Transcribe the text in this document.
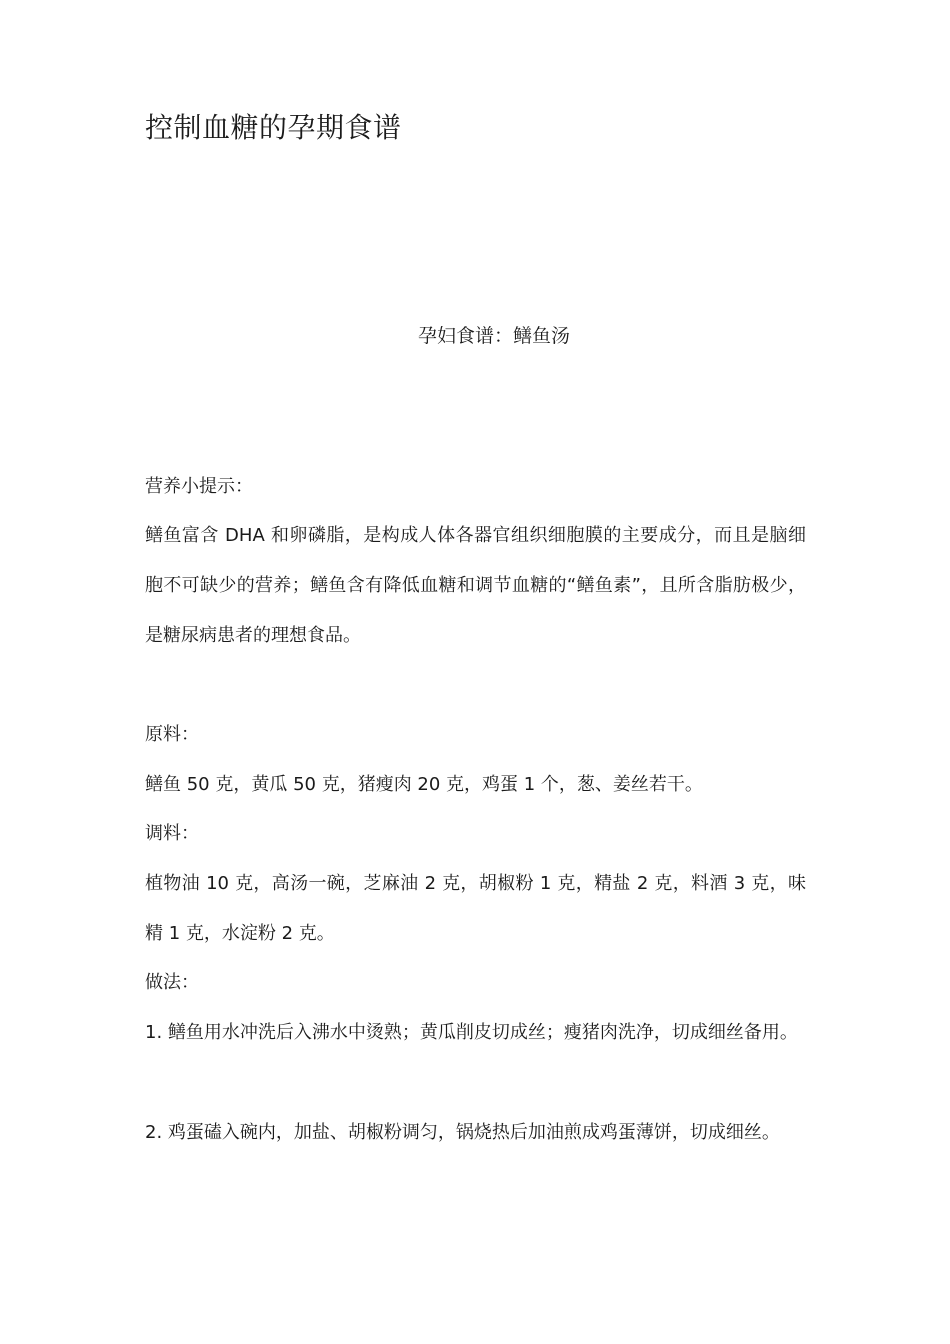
控制血糖的孕期食谱

孕妇食谱：鳝鱼汤

营养小提示：

鳝鱼富含 DHA 和卵磷脂，是构成人体各器官组织细胞膜的主要成分，而且是脑细胞不可缺少的营养；鳝鱼含有降低血糖和调节血糖的“鳝鱼素”，且所含脂肪极少，是糖尿病患者的理想食品。

原料：

鳝鱼 50 克，黄瓜 50 克，猪瘦肉 20 克，鸡蛋 1 个，葱、姜丝若干。

调料：

植物油 10 克，高汤一碗，芝麻油 2 克，胡椒粉 1 克，精盐 2 克，料酒 3 克，味精 1 克，水淀粉 2 克。

做法：

1. 鳝鱼用水冲洗后入沸水中烫熟；黄瓜削皮切成丝；瘦猪肉洗净，切成细丝备用。

2. 鸡蛋磕入碗内，加盐、胡椒粉调匀，锅烧热后加油煎成鸡蛋薄饼，切成细丝。
